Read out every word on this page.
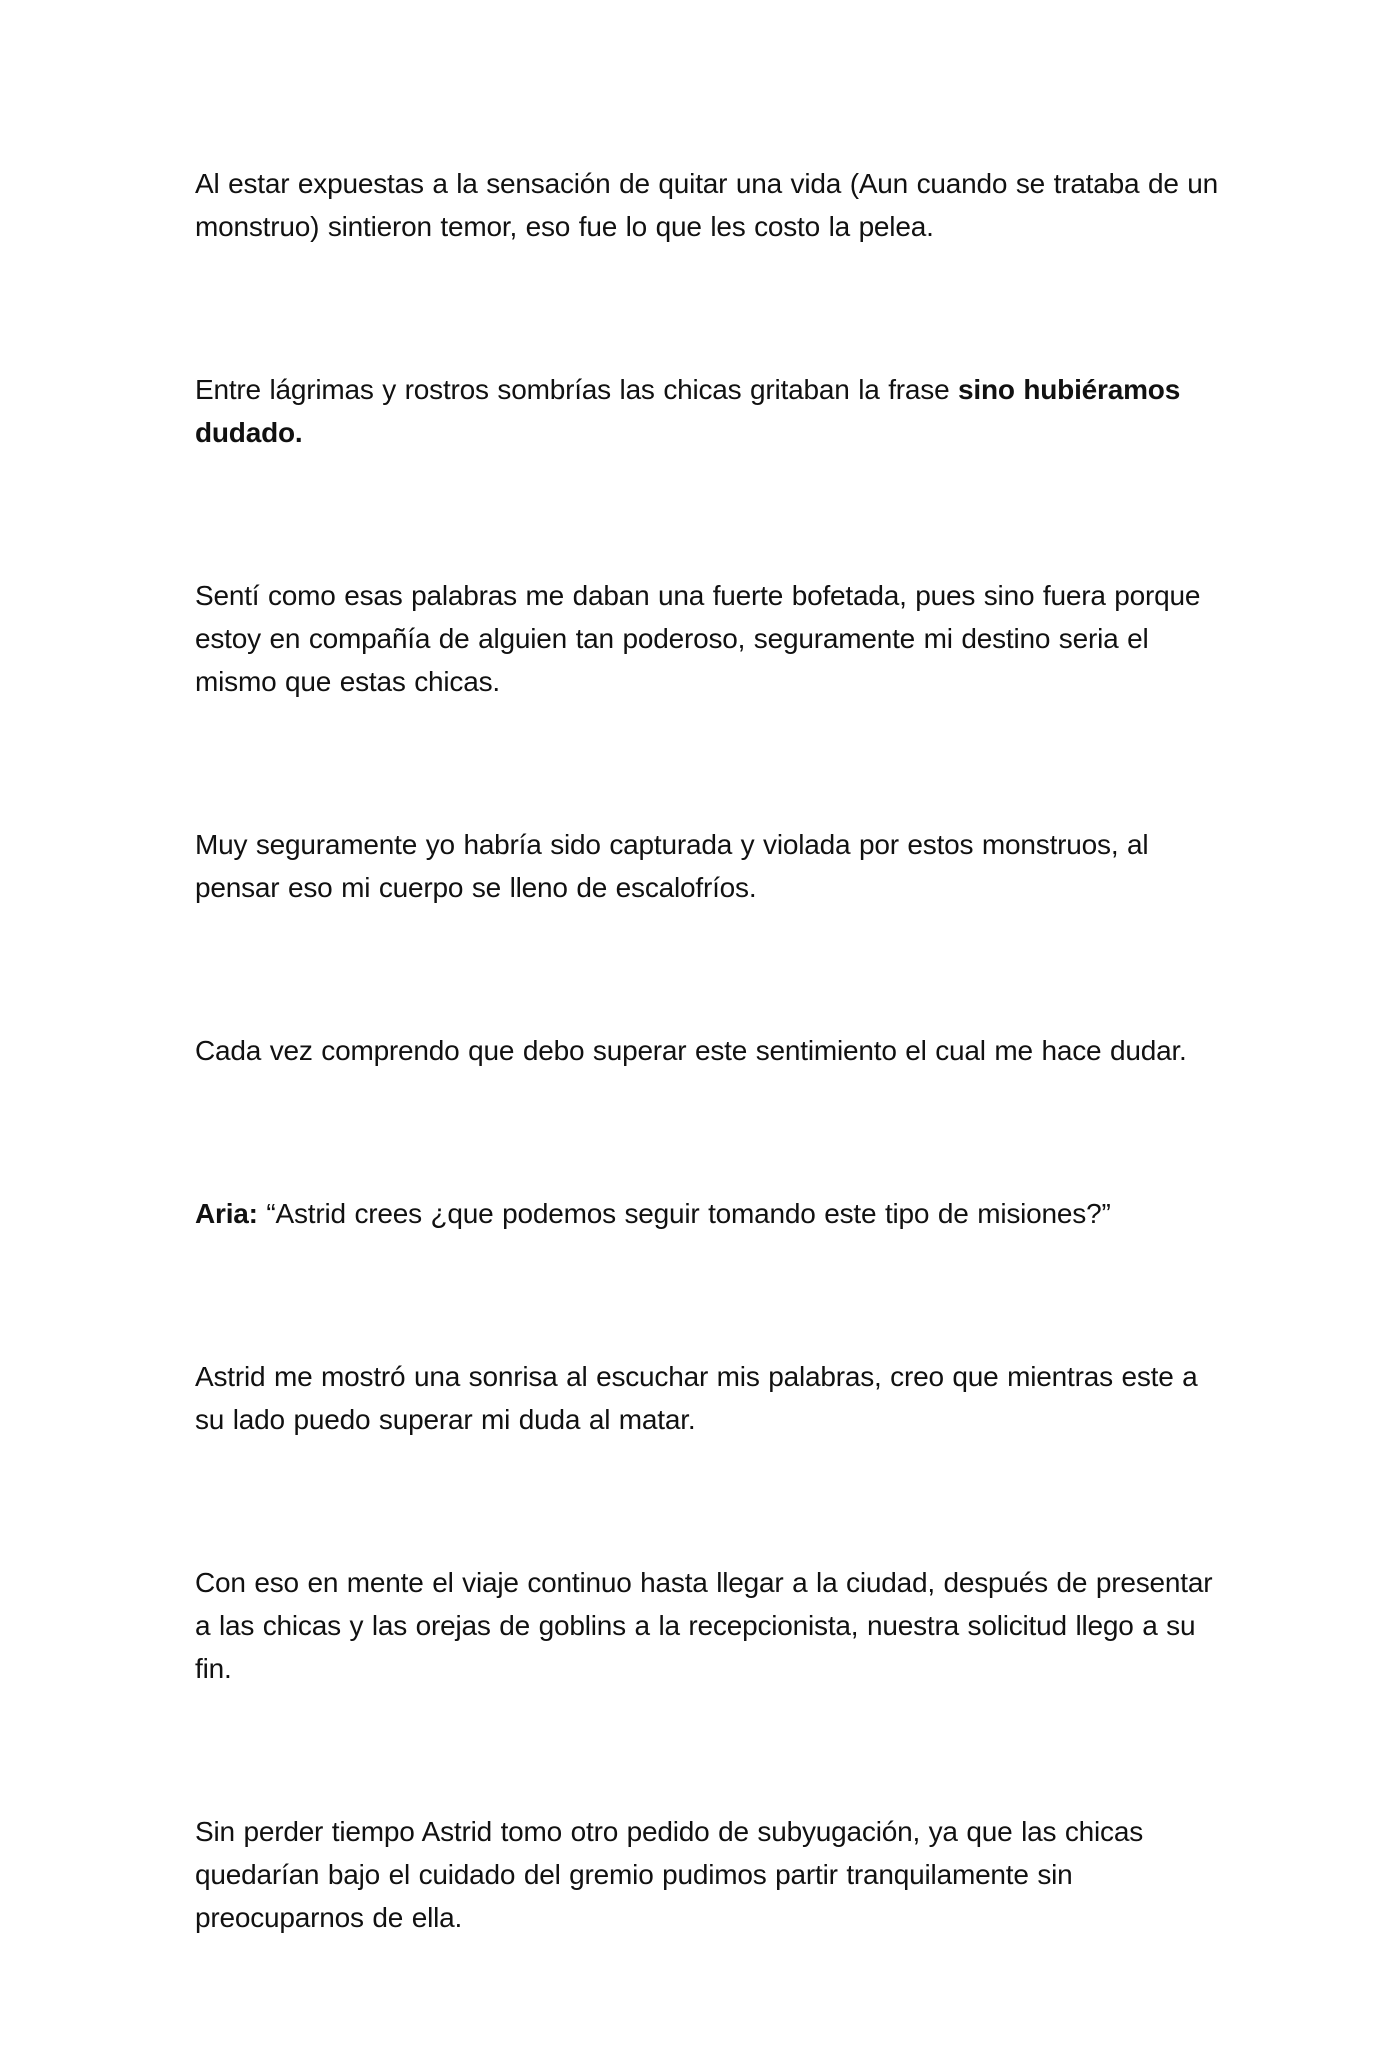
Al estar expuestas a la sensación de quitar una vida (Aun cuando se trataba de un monstruo) sintieron temor, eso fue lo que les costo la pelea.

Entre lágrimas y rostros sombrías las chicas gritaban la frase sino hubiéramos dudado.

Sentí como esas palabras me daban una fuerte bofetada, pues sino fuera porque estoy en compañía de alguien tan poderoso, seguramente mi destino seria el mismo que estas chicas.

Muy seguramente yo habría sido capturada y violada por estos monstruos, al pensar eso mi cuerpo se lleno de escalofríos.

Cada vez comprendo que debo superar este sentimiento el cual me hace dudar.

Aria: “Astrid crees ¿que podemos seguir tomando este tipo de misiones?”

Astrid me mostró una sonrisa al escuchar mis palabras, creo que mientras este a su lado puedo superar mi duda al matar.

Con eso en mente el viaje continuo hasta llegar a la ciudad, después de presentar a las chicas y las orejas de goblins a la recepcionista, nuestra solicitud llego a su fin.

Sin perder tiempo Astrid tomo otro pedido de subyugación, ya que las chicas quedarían bajo el cuidado del gremio pudimos partir tranquilamente sin preocuparnos de ella.
